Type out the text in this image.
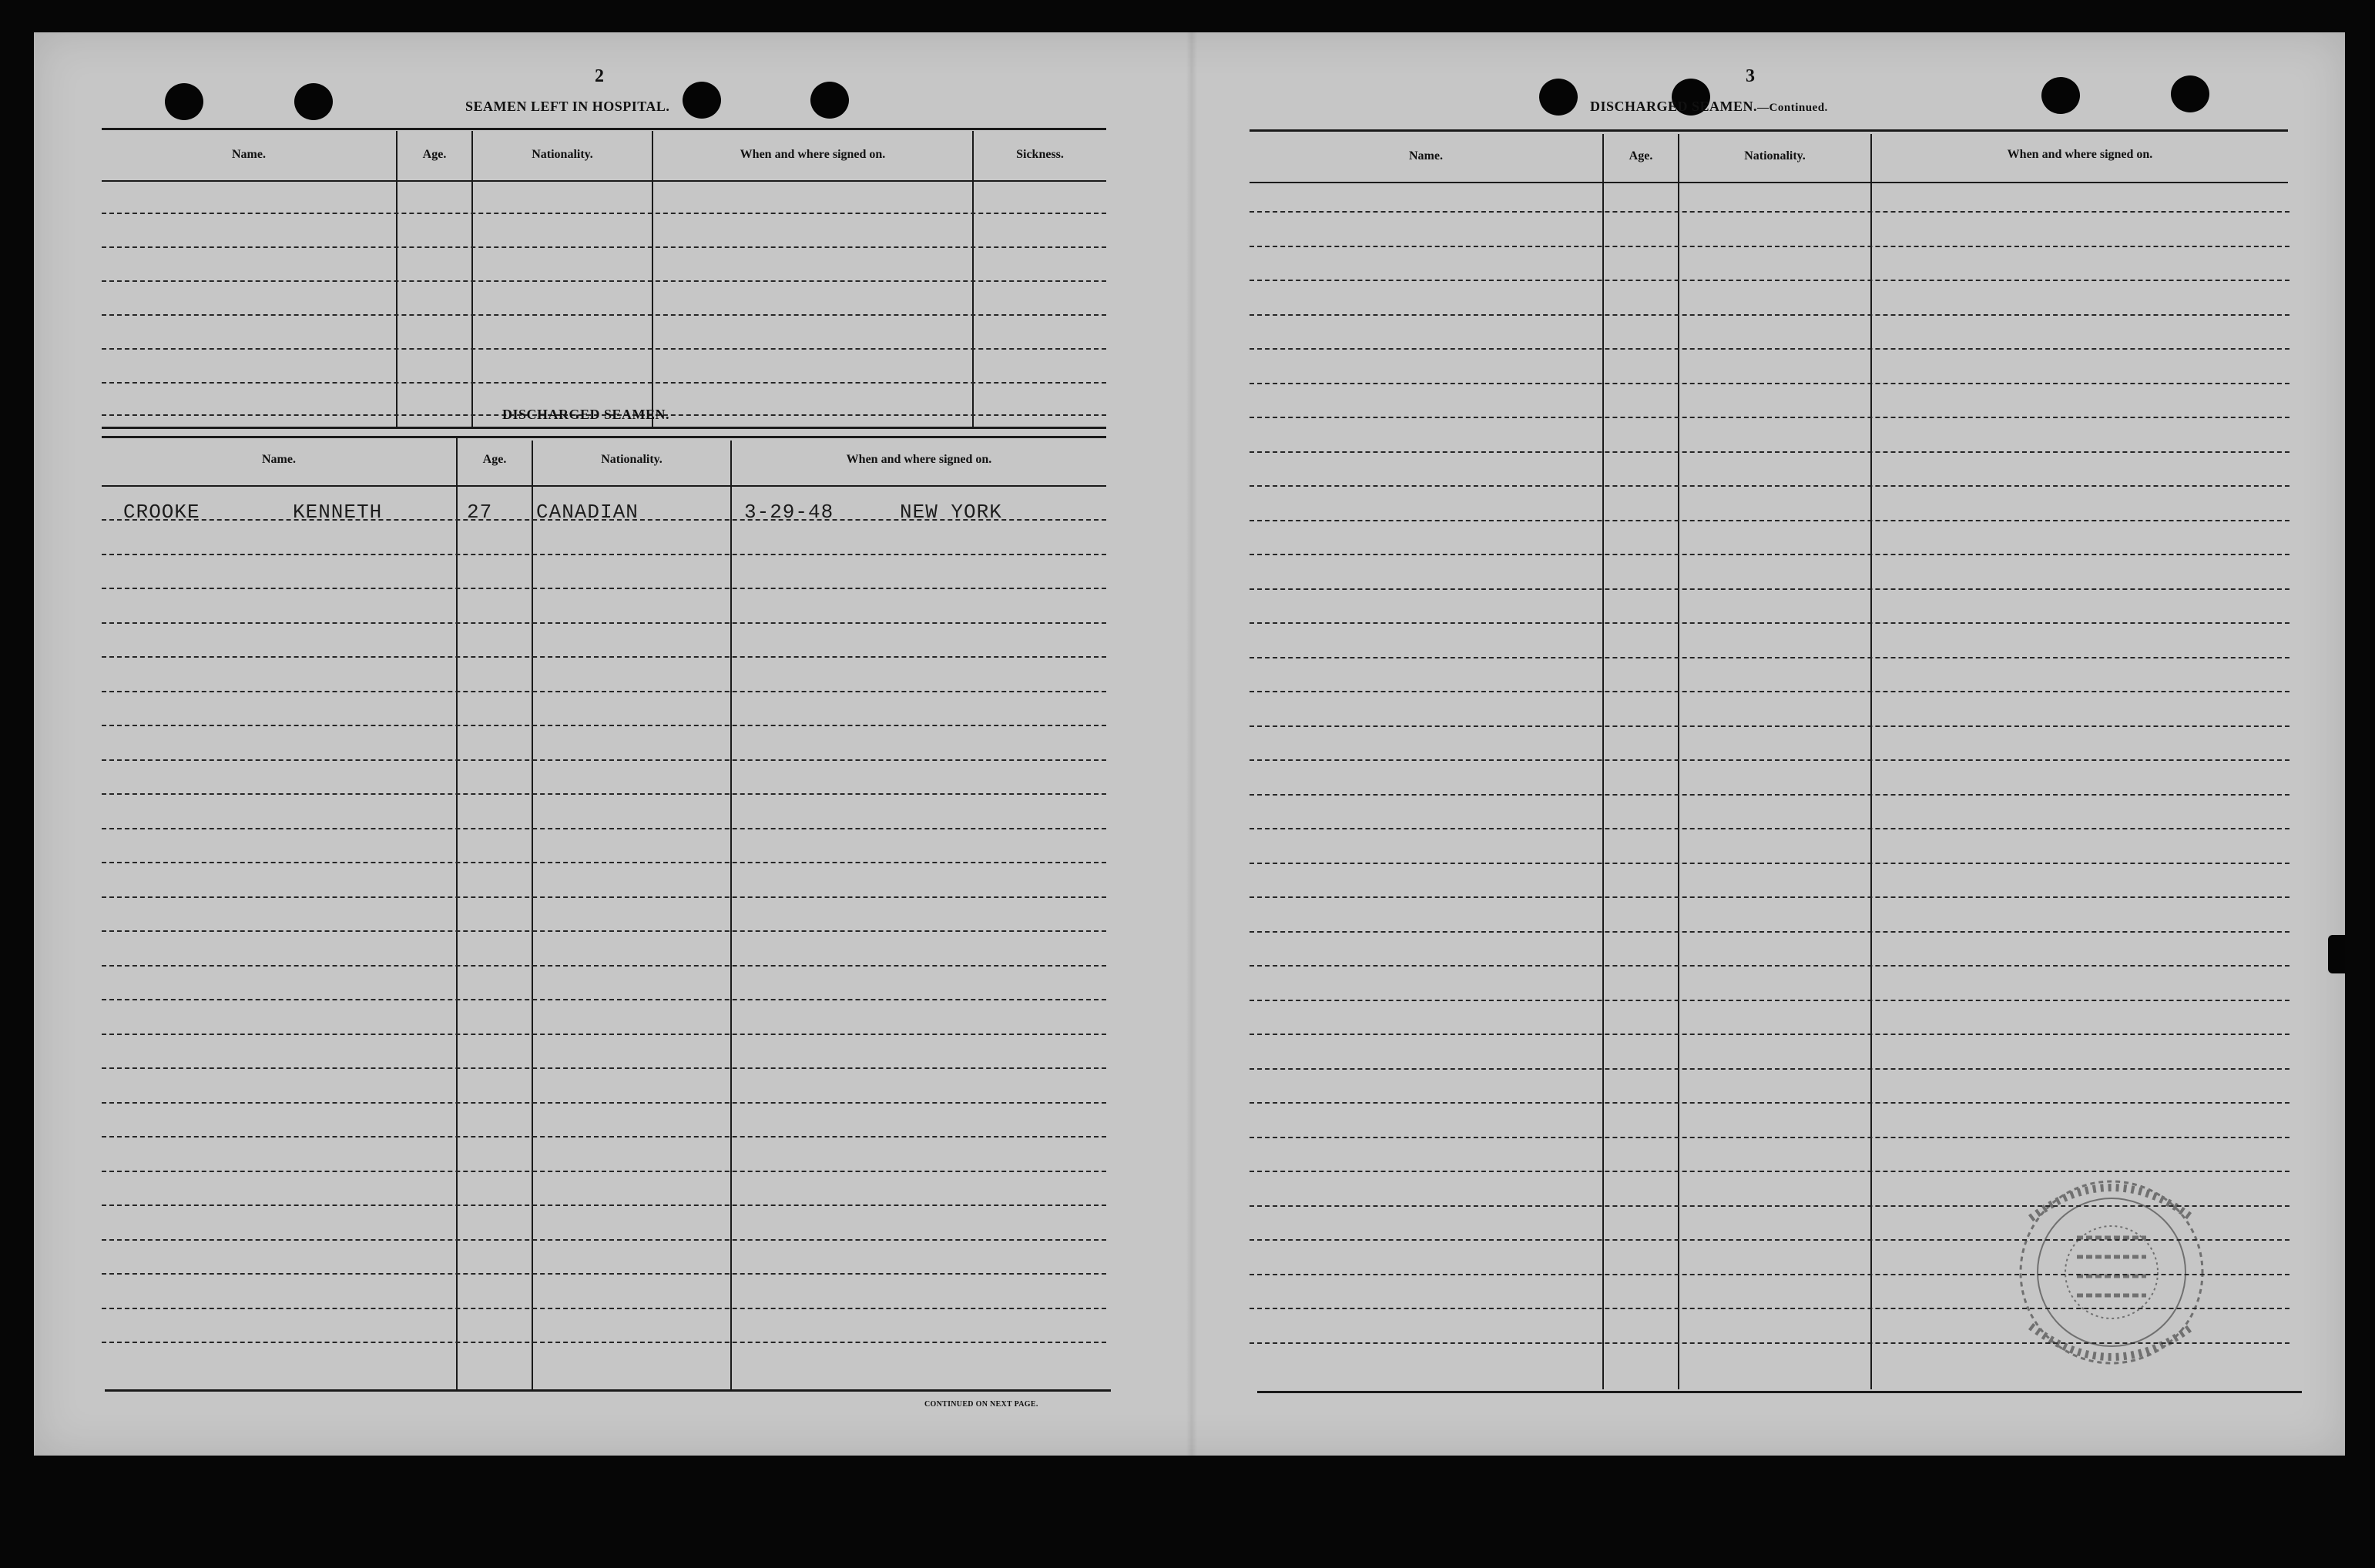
2
SEAMEN LEFT IN HOSPITAL.
Name.	Age.	Nationality.	When and where signed on.	Sickness.
DISCHARGED SEAMEN.
Name.	Age.	Nationality.	When and where signed on.
CROOKE	KENNETH	27 CANADIAN	3-29-48	NEW YORK
CONTINUED ON NEXT PAGE.
3
DISCHARGED SEAMEN.—Continued.
Name.	Age.	Nationality.	When and where signed on.
